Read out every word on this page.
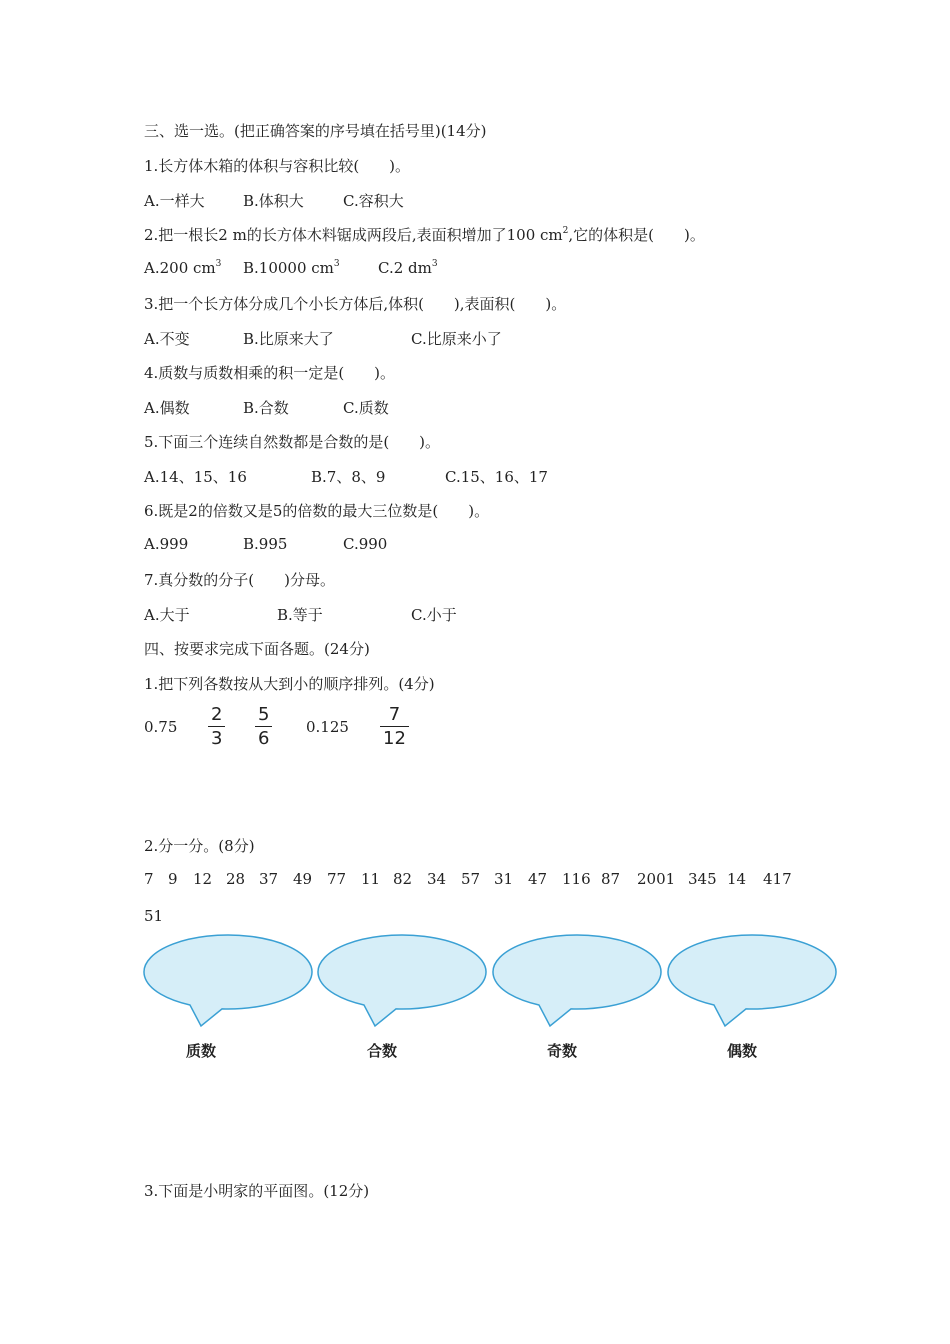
三、选一选。(把正确答案的序号填在括号里)(14分)
1.长方体木箱的体积与容积比较(　　)。
A.一样大	B.体积大	C.容积大
2.把一根长2 m的长方体木料锯成两段后,表面积增加了100 $cm^2$,它的体积是(　　)。
A.200 $cm^3$ B.10000 $cm^3$	C.2 $dm^3$
3.把一个长方体分成几个小长方体后,体积(　　),表面积(　　)。
A.不变	B.比原来大了	C.比原来小了
4.质数与质数相乘的积一定是(　　)。
A.偶数	B.合数	C.质数
5.下面三个连续自然数都是合数的是(　　)。
A.14、15、16	B.7、8、9	C.15、16、17
6.既是2的倍数又是5的倍数的最大三位数是(　　)。
A.999	B.995	C.990
7.真分数的分子(　　)分母。
A.大于	B.等于	C.小于
四、按要求完成下面各题。(24分)
1.把下列各数按从大到小的顺序排列。(4分)
0.75
2
3
5
6
0.125
7
12
2.分一分。(8分)
7 9 12 28 37 49 77 11 82 34 57 31 47 116 87 2001 345 14 417
51
质数	合数	奇数	偶数
3.下面是小明家的平面图。(12分)
